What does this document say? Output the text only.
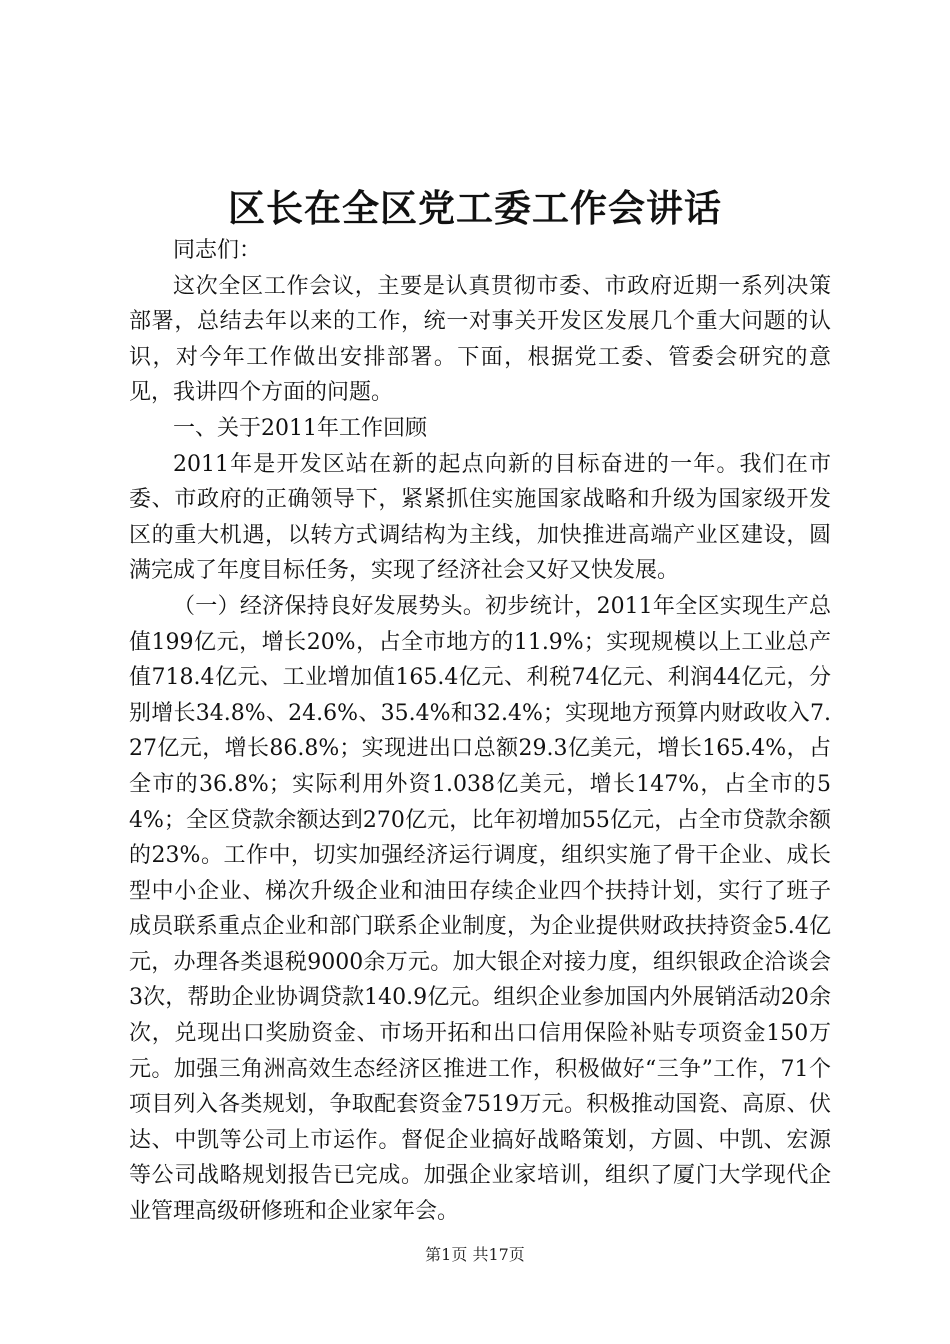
区长在全区党工委工作会讲话

同志们：

这次全区工作会议，主要是认真贯彻市委、市政府近期一系列决策部署，总结去年以来的工作，统一对事关开发区发展几个重大问题的认识，对今年工作做出安排部署。下面，根据党工委、管委会研究的意见，我讲四个方面的问题。

一、关于2011年工作回顾

2011年是开发区站在新的起点向新的目标奋进的一年。我们在市委、市政府的正确领导下，紧紧抓住实施国家战略和升级为国家级开发区的重大机遇，以转方式调结构为主线，加快推进高端产业区建设，圆满完成了年度目标任务，实现了经济社会又好又快发展。

（一）经济保持良好发展势头。初步统计，2011年全区实现生产总值199亿元，增长20%，占全市地方的11.9%；实现规模以上工业总产值718.4亿元、工业增加值165.4亿元、利税74亿元、利润44亿元，分别增长34.8%、24.6%、35.4%和32.4%；实现地方预算内财政收入7.27亿元，增长86.8%；实现进出口总额29.3亿美元，增长165.4%，占全市的36.8%；实际利用外资1.038亿美元，增长147%，占全市的54%；全区贷款余额达到270亿元，比年初增加55亿元，占全市贷款余额的23%。工作中，切实加强经济运行调度，组织实施了骨干企业、成长型中小企业、梯次升级企业和油田存续企业四个扶持计划，实行了班子成员联系重点企业和部门联系企业制度，为企业提供财政扶持资金5.4亿元，办理各类退税9000余万元。加大银企对接力度，组织银政企洽谈会3次，帮助企业协调贷款140.9亿元。组织企业参加国内外展销活动20余次，兑现出口奖励资金、市场开拓和出口信用保险补贴专项资金150万元。加强三角洲高效生态经济区推进工作，积极做好“三争”工作，71个项目列入各类规划，争取配套资金7519万元。积极推动国瓷、高原、伏达、中凯等公司上市运作。督促企业搞好战略策划，方圆、中凯、宏源等公司战略规划报告已完成。加强企业家培训，组织了厦门大学现代企业管理高级研修班和企业家年会。

第1页 共17页
